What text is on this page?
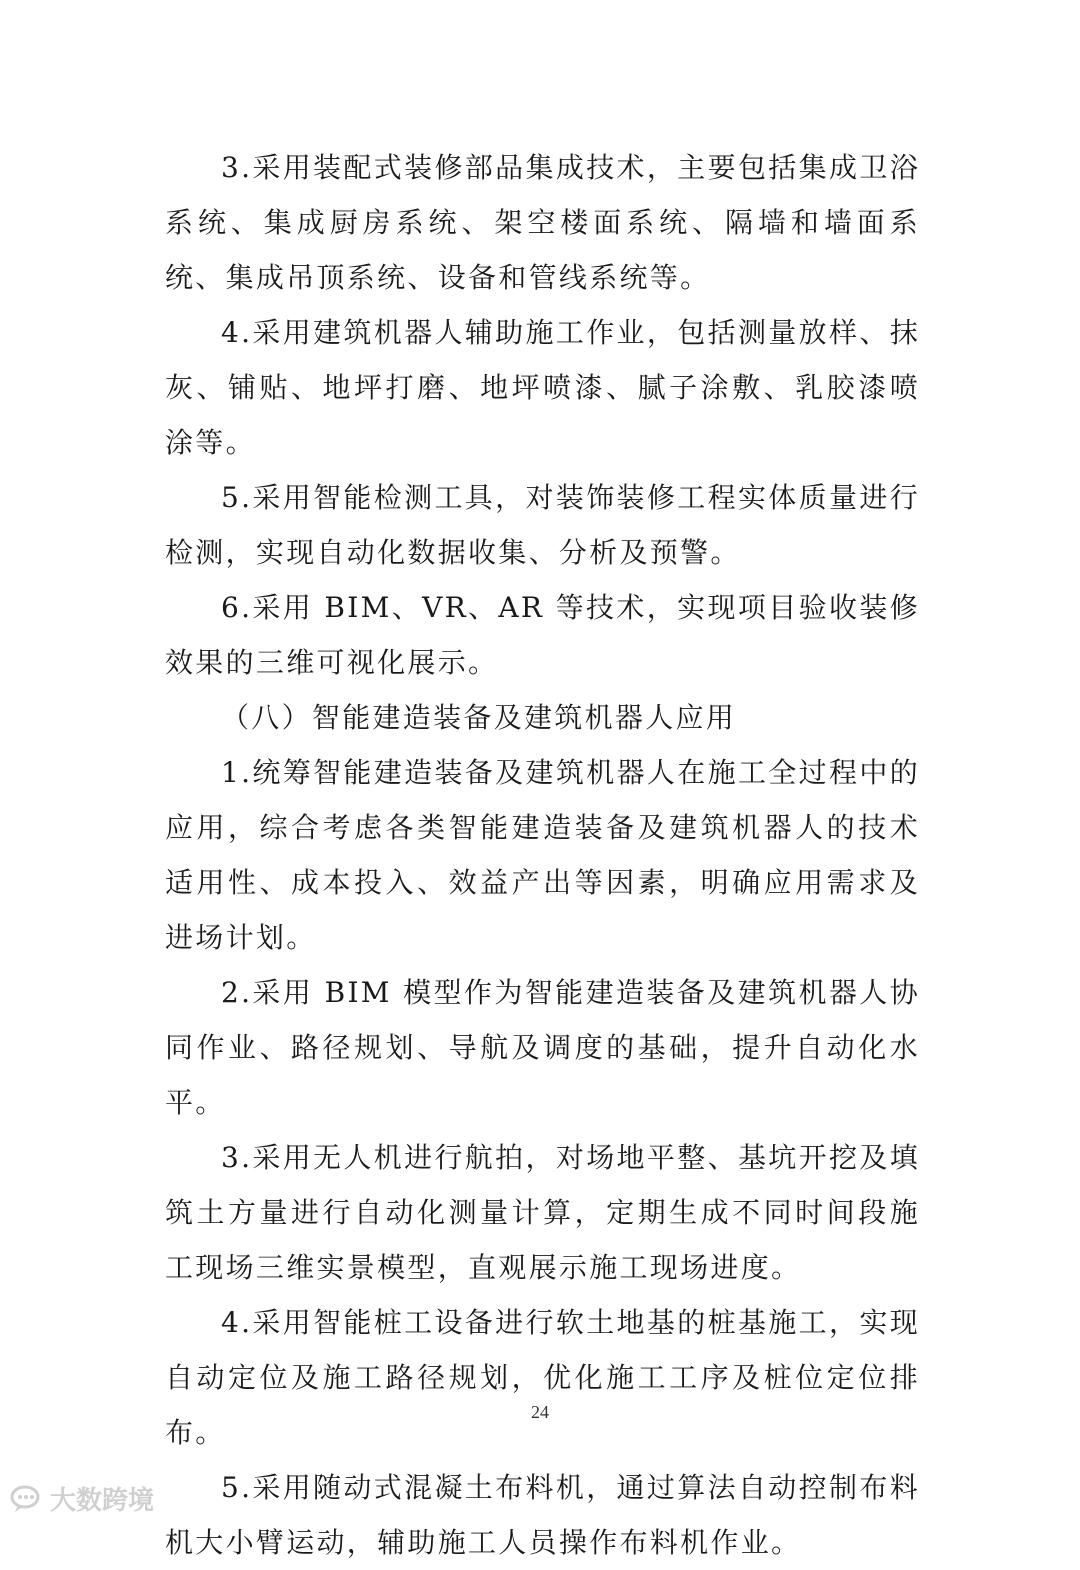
3.采用装配式装修部品集成技术，主要包括集成卫浴系统、集成厨房系统、架空楼面系统、隔墙和墙面系统、集成吊顶系统、设备和管线系统等。

4.采用建筑机器人辅助施工作业，包括测量放样、抹灰、铺贴、地坪打磨、地坪喷漆、腻子涂敷、乳胶漆喷涂等。

5.采用智能检测工具，对装饰装修工程实体质量进行检测，实现自动化数据收集、分析及预警。

6.采用 BIM、VR、AR 等技术，实现项目验收装修效果的三维可视化展示。

（八）智能建造装备及建筑机器人应用

1.统筹智能建造装备及建筑机器人在施工全过程中的应用，综合考虑各类智能建造装备及建筑机器人的技术适用性、成本投入、效益产出等因素，明确应用需求及进场计划。

2.采用 BIM 模型作为智能建造装备及建筑机器人协同作业、路径规划、导航及调度的基础，提升自动化水平。

3.采用无人机进行航拍，对场地平整、基坑开挖及填筑土方量进行自动化测量计算，定期生成不同时间段施工现场三维实景模型，直观展示施工现场进度。

4.采用智能桩工设备进行软土地基的桩基施工，实现自动定位及施工路径规划，优化施工工序及桩位定位排布。

5.采用随动式混凝土布料机，通过算法自动控制布料机大小臂运动，辅助施工人员操作布料机作业。

24
大数跨境
